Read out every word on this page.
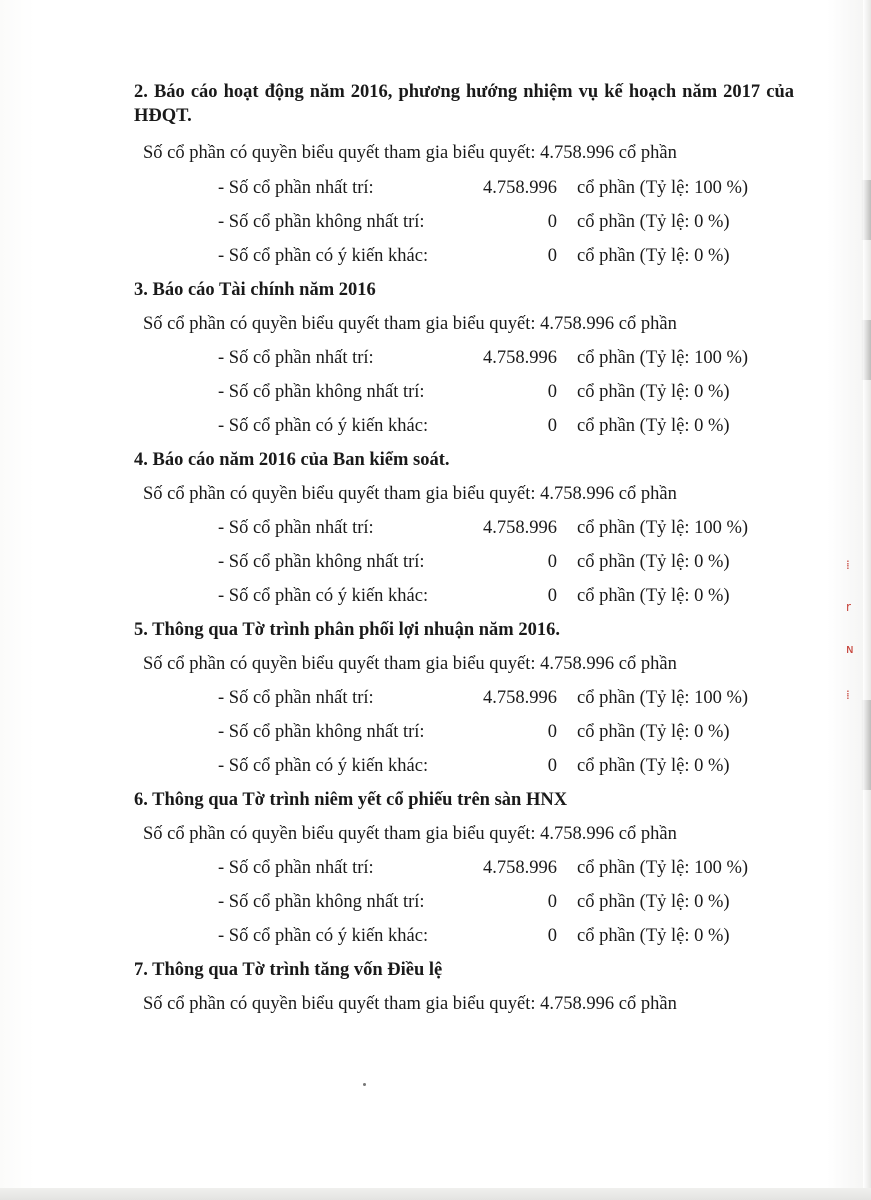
⁞
r
ɴ
⁞
2. Báo cáo hoạt động năm 2016, phương hướng nhiệm vụ kế hoạch năm 2017 của HĐQT.
Số cổ phần có quyền biểu quyết tham gia biểu quyết: 4.758.996 cổ phần
- Số cổ phần nhất trí:	4.758.996 cổ phần (Tỷ lệ: 100 %)
- Số cổ phần không nhất trí:	0 cổ phần (Tỷ lệ: 0 %)
- Số cổ phần có ý kiến khác:	0 cổ phần (Tỷ lệ: 0 %)
3. Báo cáo Tài chính năm 2016
Số cổ phần có quyền biểu quyết tham gia biểu quyết: 4.758.996 cổ phần
- Số cổ phần nhất trí:	4.758.996 cổ phần (Tỷ lệ: 100 %)
- Số cổ phần không nhất trí:	0 cổ phần (Tỷ lệ: 0 %)
- Số cổ phần có ý kiến khác:	0 cổ phần (Tỷ lệ: 0 %)
4. Báo cáo năm 2016 của Ban kiểm soát.
Số cổ phần có quyền biểu quyết tham gia biểu quyết: 4.758.996 cổ phần
- Số cổ phần nhất trí:	4.758.996 cổ phần (Tỷ lệ: 100 %)
- Số cổ phần không nhất trí:	0 cổ phần (Tỷ lệ: 0 %)
- Số cổ phần có ý kiến khác:	0 cổ phần (Tỷ lệ: 0 %)
5. Thông qua Tờ trình phân phối lợi nhuận năm 2016.
Số cổ phần có quyền biểu quyết tham gia biểu quyết: 4.758.996 cổ phần
- Số cổ phần nhất trí:	4.758.996 cổ phần (Tỷ lệ: 100 %)
- Số cổ phần không nhất trí:	0 cổ phần (Tỷ lệ: 0 %)
- Số cổ phần có ý kiến khác:	0 cổ phần (Tỷ lệ: 0 %)
6. Thông qua Tờ trình niêm yết cổ phiếu trên sàn HNX
Số cổ phần có quyền biểu quyết tham gia biểu quyết: 4.758.996 cổ phần
- Số cổ phần nhất trí:	4.758.996 cổ phần (Tỷ lệ: 100 %)
- Số cổ phần không nhất trí:	0 cổ phần (Tỷ lệ: 0 %)
- Số cổ phần có ý kiến khác:	0 cổ phần (Tỷ lệ: 0 %)
7. Thông qua Tờ trình tăng vốn Điều lệ
Số cổ phần có quyền biểu quyết tham gia biểu quyết: 4.758.996 cổ phần
